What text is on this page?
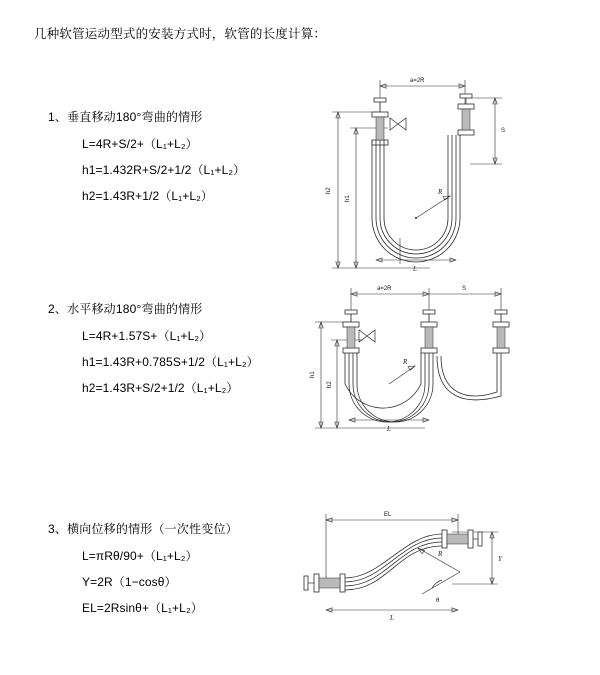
几种软管运动型式的安装方式时，软管的长度计算：
1、垂直移动180°弯曲的情形
L=4R+S/2+（L₁+L₂）
h1=1.432R+S/2+1/2（L₁+L₂）
h2=1.43R+1/2（L₁+L₂）
a=2R
h2
h1
S
R
L
2、水平移动180°弯曲的情形
L=4R+1.57S+（L₁+L₂）
h1=1.43R+0.785S+1/2（L₁+L₂）
h2=1.43R+S/2+1/2（L₁+L₂）
a=2R	S
h1
h2
R
L
3、横向位移的情形（一次性变位）
L=πRθ/90+（L₁+L₂）
Y=2R（1−cosθ）
EL=2Rsinθ+（L₁+L₂）
EL
Y
R
θ
L
